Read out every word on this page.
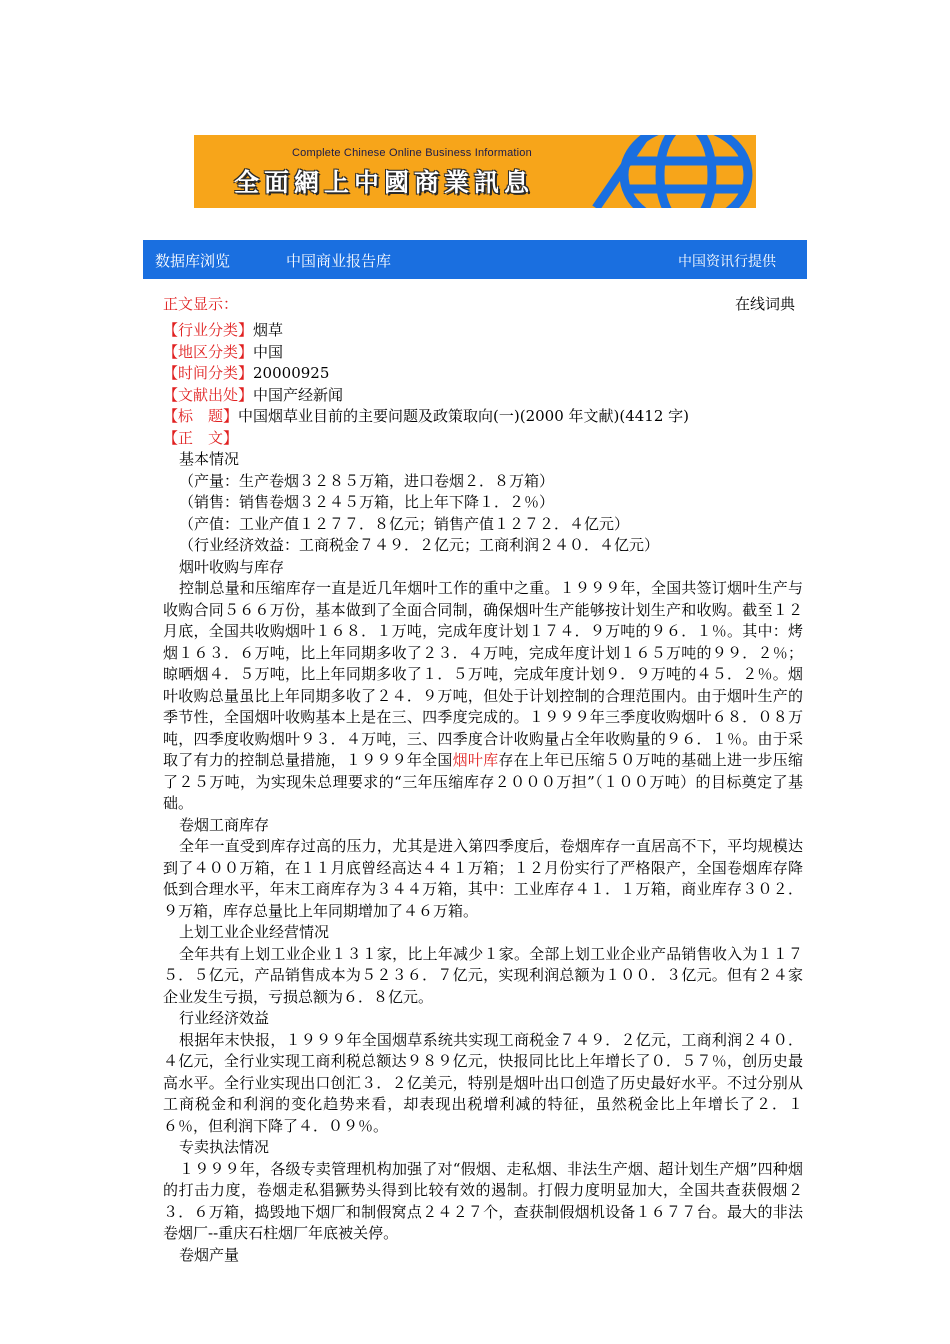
Complete Chinese Online Business Information
全面網上中國商業訊息
数据库浏览	中国商业报告库	中国资讯行提供
正文显示：	在线词典
【行业分类】烟草
【地区分类】中国
【时间分类】20000925
【文献出处】中国产经新闻
【标　题】中国烟草业目前的主要问题及政策取向(一)(2000 年文献)(4412 字)
【正　文】

基本情况

（产量：生产卷烟３２８５万箱，进口卷烟２．８万箱）

（销售：销售卷烟３２４５万箱，比上年下降１．２％）

（产值：工业产值１２７７．８亿元；销售产值１２７２．４亿元）

（行业经济效益：工商税金７４９．２亿元；工商利润２４０．４亿元）

烟叶收购与库存

控制总量和压缩库存一直是近几年烟叶工作的重中之重。１９９９年，全国共签订烟叶生产与收购合同５６６万份，基本做到了全面合同制，确保烟叶生产能够按计划生产和收购。截至１２月底，全国共收购烟叶１６８．１万吨，完成年度计划１７４．９万吨的９６．１％。其中：烤烟１６３．６万吨，比上年同期多收了２３．４万吨，完成年度计划１６５万吨的９９．２％；晾晒烟４．５万吨，比上年同期多收了１．５万吨，完成年度计划９．９万吨的４５．２％。烟叶收购总量虽比上年同期多收了２４．９万吨，但处于计划控制的合理范围内。由于烟叶生产的季节性，全国烟叶收购基本上是在三、四季度完成的。１９９９年三季度收购烟叶６８．０８万吨，四季度收购烟叶９３．４万吨，三、四季度合计收购量占全年收购量的９６．１％。由于采取了有力的控制总量措施，１９９９年全国烟叶库存在上年已压缩５０万吨的基础上进一步压缩了２５万吨，为实现朱总理要求的“三年压缩库存２０００万担”（１００万吨）的目标奠定了基础。

卷烟工商库存

全年一直受到库存过高的压力，尤其是进入第四季度后，卷烟库存一直居高不下，平均规模达到了４００万箱，在１１月底曾经高达４４１万箱；１２月份实行了严格限产，全国卷烟库存降低到合理水平，年末工商库存为３４４万箱，其中：工业库存４１．１万箱，商业库存３０２．９万箱，库存总量比上年同期增加了４６万箱。

上划工业企业经营情况

全年共有上划工业企业１３１家，比上年减少１家。全部上划工业企业产品销售收入为１１７５．５亿元，产品销售成本为５２３６．７亿元，实现利润总额为１００．３亿元。但有２４家企业发生亏损，亏损总额为６．８亿元。

行业经济效益

根据年末快报，１９９９年全国烟草系统共实现工商税金７４９．２亿元，工商利润２４０．４亿元，全行业实现工商利税总额达９８９亿元，快报同比比上年增长了０．５７％，创历史最高水平。全行业实现出口创汇３．２亿美元，特别是烟叶出口创造了历史最好水平。不过分别从工商税金和利润的变化趋势来看，却表现出税增利减的特征，虽然税金比上年增长了２．１６％，但利润下降了４．０９％。

专卖执法情况

１９９９年，各级专卖管理机构加强了对“假烟、走私烟、非法生产烟、超计划生产烟”四种烟的打击力度，卷烟走私猖獗势头得到比较有效的遏制。打假力度明显加大，全国共查获假烟２３．６万箱，捣毁地下烟厂和制假窝点２４２７个，查获制假烟机设备１６７７台。最大的非法卷烟厂--重庆石柱烟厂年底被关停。

卷烟产量
